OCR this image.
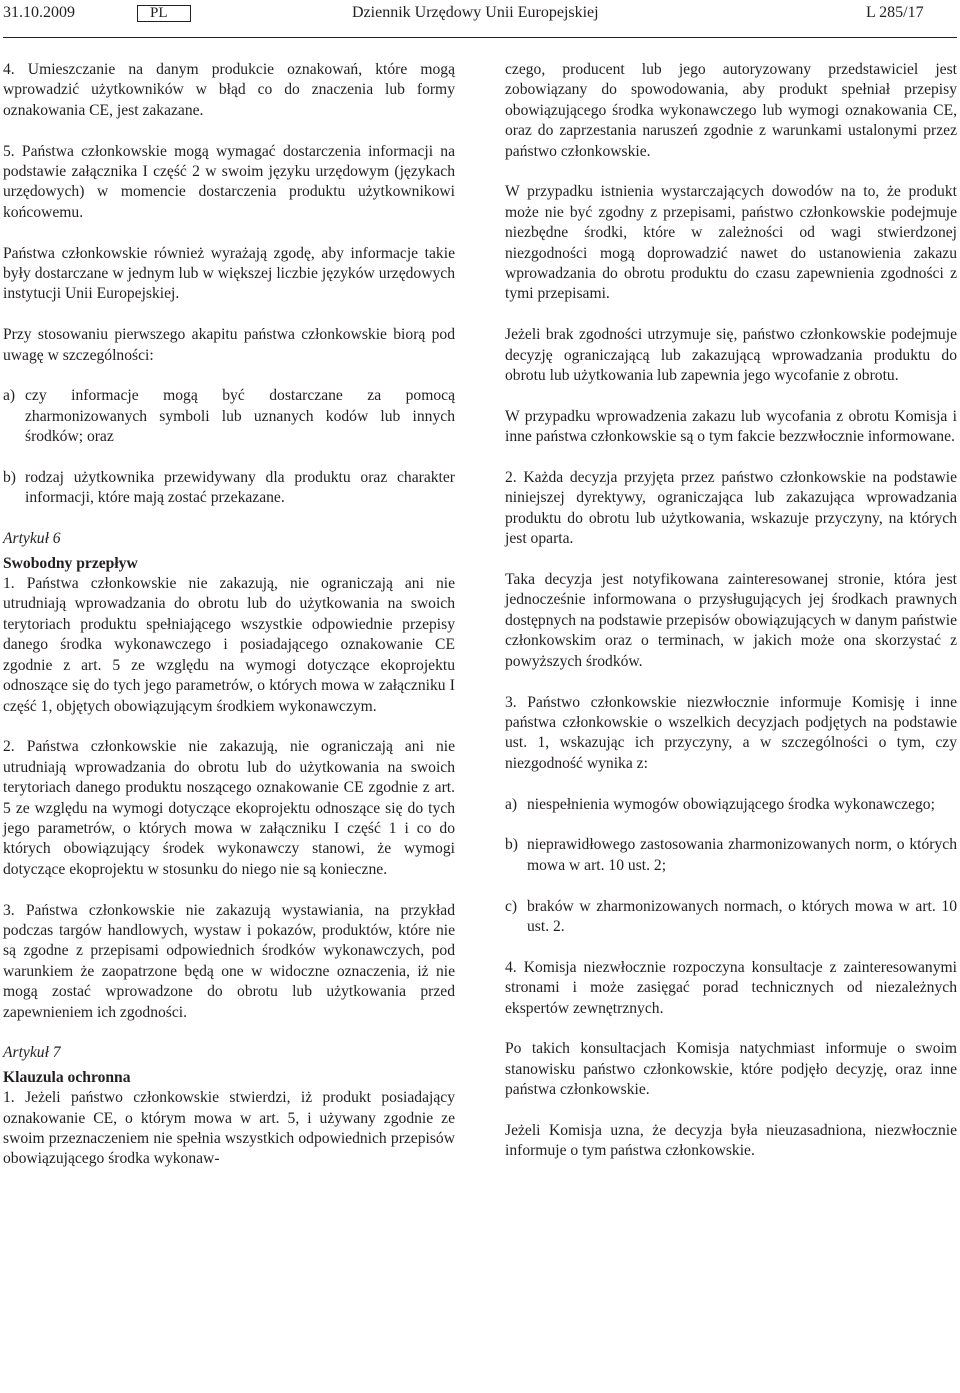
31.10.2009	PL	Dziennik Urzędowy Unii Europejskiej	L 285/17

4. Umieszczanie na danym produkcie oznakowań, które mogą wprowadzić użytkowników w błąd co do znaczenia lub formy oznakowania CE, jest zakazane.

5. Państwa członkowskie mogą wymagać dostarczenia informacji na podstawie załącznika I część 2 w swoim języku urzędowym (językach urzędowych) w momencie dostarczenia produktu użytkownikowi końcowemu.

Państwa członkowskie również wyrażają zgodę, aby informacje takie były dostarczane w jednym lub w większej liczbie języków urzędowych instytucji Unii Europejskiej.

Przy stosowaniu pierwszego akapitu państwa członkowskie biorą pod uwagę w szczególności:

a) czy informacje mogą być dostarczane za pomocą zharmonizowanych symboli lub uznanych kodów lub innych środków; oraz
b) rodzaj użytkownika przewidywany dla produktu oraz charakter informacji, które mają zostać przekazane.

Artykuł 6

Swobodny przepływ

1. Państwa członkowskie nie zakazują, nie ograniczają ani nie utrudniają wprowadzania do obrotu lub do użytkowania na swoich terytoriach produktu spełniającego wszystkie odpowiednie przepisy danego środka wykonawczego i posiadającego oznakowanie CE zgodnie z art. 5 ze względu na wymogi dotyczące ekoprojektu odnoszące się do tych jego parametrów, o których mowa w załączniku I część 1, objętych obowiązującym środkiem wykonawczym.

2. Państwa członkowskie nie zakazują, nie ograniczają ani nie utrudniają wprowadzania do obrotu lub do użytkowania na swoich terytoriach danego produktu noszącego oznakowanie CE zgodnie z art. 5 ze względu na wymogi dotyczące ekoprojektu odnoszące się do tych jego parametrów, o których mowa w załączniku I część 1 i co do których obowiązujący środek wykonawczy stanowi, że wymogi dotyczące ekoprojektu w stosunku do niego nie są konieczne.

3. Państwa członkowskie nie zakazują wystawiania, na przykład podczas targów handlowych, wystaw i pokazów, produktów, które nie są zgodne z przepisami odpowiednich środków wykonawczych, pod warunkiem że zaopatrzone będą one w widoczne oznaczenia, iż nie mogą zostać wprowadzone do obrotu lub użytkowania przed zapewnieniem ich zgodności.

Artykuł 7

Klauzula ochronna

1. Jeżeli państwo członkowskie stwierdzi, iż produkt posiadający oznakowanie CE, o którym mowa w art. 5, i używany zgodnie ze swoim przeznaczeniem nie spełnia wszystkich odpowiednich przepisów obowiązującego środka wykonaw-

czego, producent lub jego autoryzowany przedstawiciel jest zobowiązany do spowodowania, aby produkt spełniał przepisy obowiązującego środka wykonawczego lub wymogi oznakowania CE, oraz do zaprzestania naruszeń zgodnie z warunkami ustalonymi przez państwo członkowskie.

W przypadku istnienia wystarczających dowodów na to, że produkt może nie być zgodny z przepisami, państwo członkowskie podejmuje niezbędne środki, które w zależności od wagi stwierdzonej niezgodności mogą doprowadzić nawet do ustanowienia zakazu wprowadzania do obrotu produktu do czasu zapewnienia zgodności z tymi przepisami.

Jeżeli brak zgodności utrzymuje się, państwo członkowskie podejmuje decyzję ograniczającą lub zakazującą wprowadzania produktu do obrotu lub użytkowania lub zapewnia jego wycofanie z obrotu.

W przypadku wprowadzenia zakazu lub wycofania z obrotu Komisja i inne państwa członkowskie są o tym fakcie bezzwłocznie informowane.

2. Każda decyzja przyjęta przez państwo członkowskie na podstawie niniejszej dyrektywy, ograniczająca lub zakazująca wprowadzania produktu do obrotu lub użytkowania, wskazuje przyczyny, na których jest oparta.

Taka decyzja jest notyfikowana zainteresowanej stronie, która jest jednocześnie informowana o przysługujących jej środkach prawnych dostępnych na podstawie przepisów obowiązujących w danym państwie członkowskim oraz o terminach, w jakich może ona skorzystać z powyższych środków.

3. Państwo członkowskie niezwłocznie informuje Komisję i inne państwa członkowskie o wszelkich decyzjach podjętych na podstawie ust. 1, wskazując ich przyczyny, a w szczególności o tym, czy niezgodność wynika z:

a) niespełnienia wymogów obowiązującego środka wykonawczego;
b) nieprawidłowego zastosowania zharmonizowanych norm, o których mowa w art. 10 ust. 2;
c) braków w zharmonizowanych normach, o których mowa w art. 10 ust. 2.

4. Komisja niezwłocznie rozpoczyna konsultacje z zainteresowanymi stronami i może zasięgać porad technicznych od niezależnych ekspertów zewnętrznych.

Po takich konsultacjach Komisja natychmiast informuje o swoim stanowisku państwo członkowskie, które podjęło decyzję, oraz inne państwa członkowskie.

Jeżeli Komisja uzna, że decyzja była nieuzasadniona, niezwłocznie informuje o tym państwa członkowskie.
